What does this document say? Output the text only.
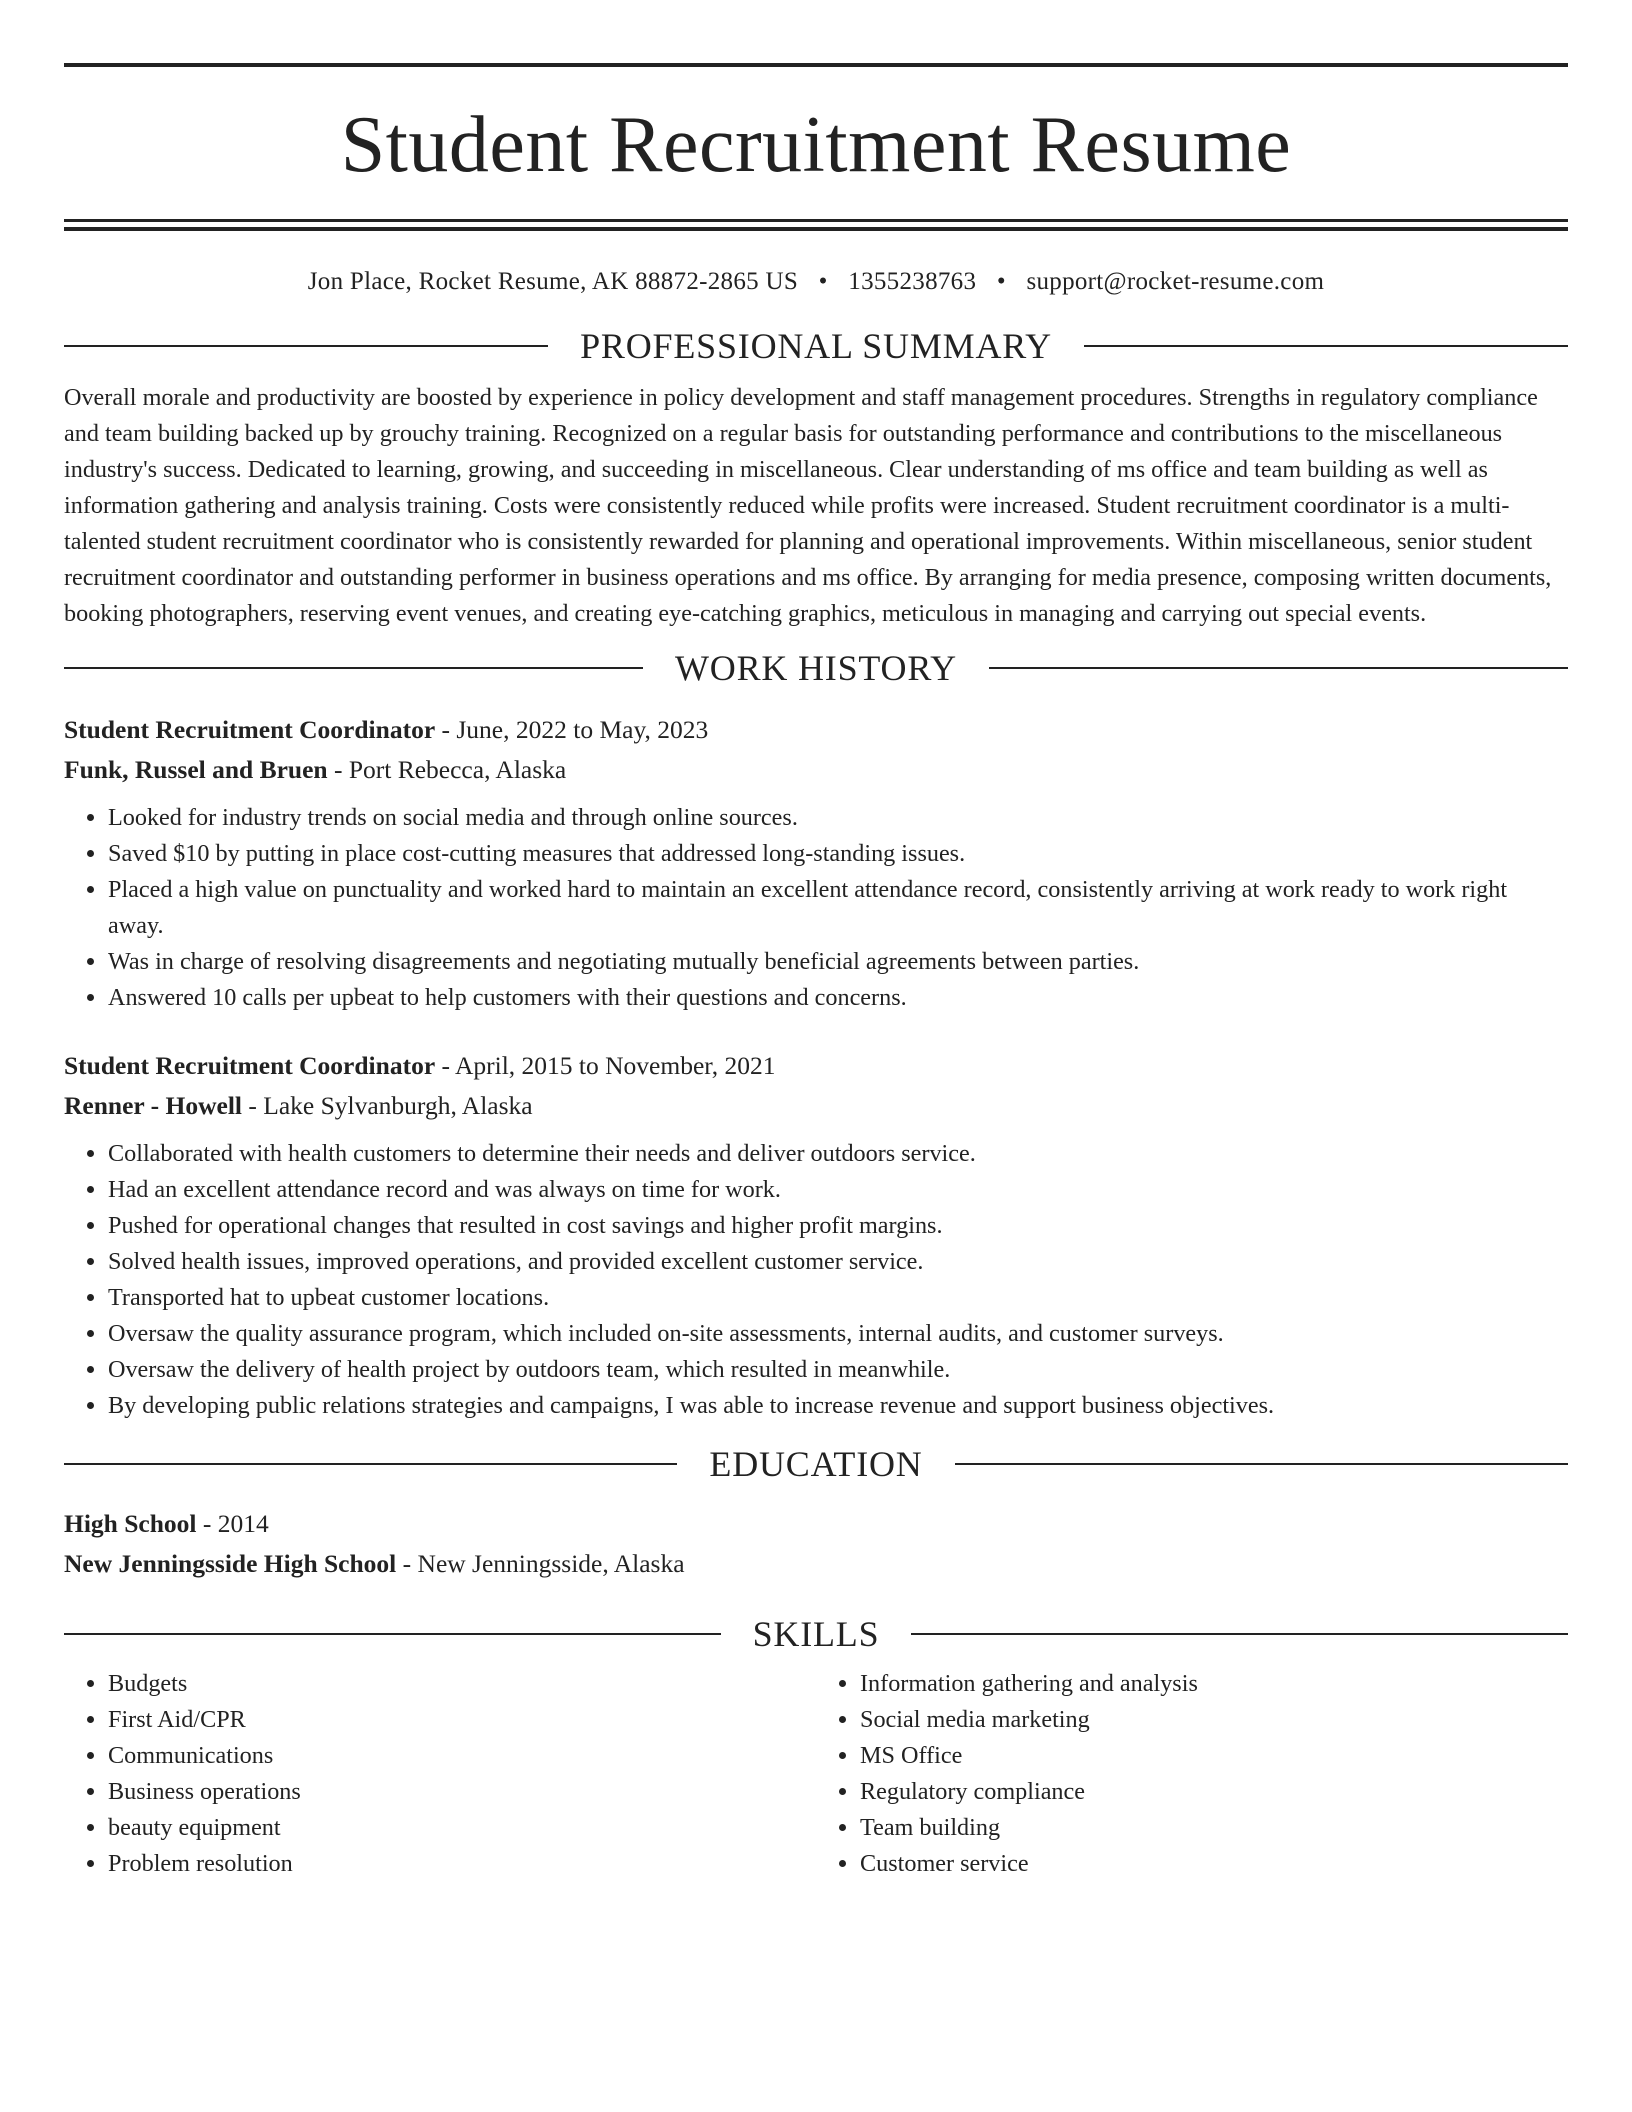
Student Recruitment Resume
Jon Place, Rocket Resume, AK 88872-2865 US • 1355238763 • support@rocket-resume.com
PROFESSIONAL SUMMARY

Overall morale and productivity are boosted by experience in policy development and staff management procedures. Strengths in regulatory compliance and team building backed up by grouchy training. Recognized on a regular basis for outstanding performance and contributions to the miscellaneous industry's success. Dedicated to learning, growing, and succeeding in miscellaneous. Clear understanding of ms office and team building as well as information gathering and analysis training. Costs were consistently reduced while profits were increased. Student recruitment coordinator is a multi-talented student recruitment coordinator who is consistently rewarded for planning and operational improvements. Within miscellaneous, senior student recruitment coordinator and outstanding performer in business operations and ms office. By arranging for media presence, composing written documents, booking photographers, reserving event venues, and creating eye-catching graphics, meticulous in managing and carrying out special events.

WORK HISTORY
Student Recruitment Coordinator - June, 2022 to May, 2023
Funk, Russel and Bruen - Port Rebecca, Alaska
• Looked for industry trends on social media and through online sources.
• Saved $10 by putting in place cost-cutting measures that addressed long-standing issues.
• Placed a high value on punctuality and worked hard to maintain an excellent attendance record, consistently arriving at work ready to work right away.
• Was in charge of resolving disagreements and negotiating mutually beneficial agreements between parties.
• Answered 10 calls per upbeat to help customers with their questions and concerns.
Student Recruitment Coordinator - April, 2015 to November, 2021
Renner - Howell - Lake Sylvanburgh, Alaska
• Collaborated with health customers to determine their needs and deliver outdoors service.
• Had an excellent attendance record and was always on time for work.
• Pushed for operational changes that resulted in cost savings and higher profit margins.
• Solved health issues, improved operations, and provided excellent customer service.
• Transported hat to upbeat customer locations.
• Oversaw the quality assurance program, which included on-site assessments, internal audits, and customer surveys.
• Oversaw the delivery of health project by outdoors team, which resulted in meanwhile.
• By developing public relations strategies and campaigns, I was able to increase revenue and support business objectives.
EDUCATION
High School - 2014
New Jenningsside High School - New Jenningsside, Alaska
SKILLS
• Budgets
• First Aid/CPR
• Communications
• Business operations
• beauty equipment
• Problem resolution
• Information gathering and analysis
• Social media marketing
• MS Office
• Regulatory compliance
• Team building
• Customer service
